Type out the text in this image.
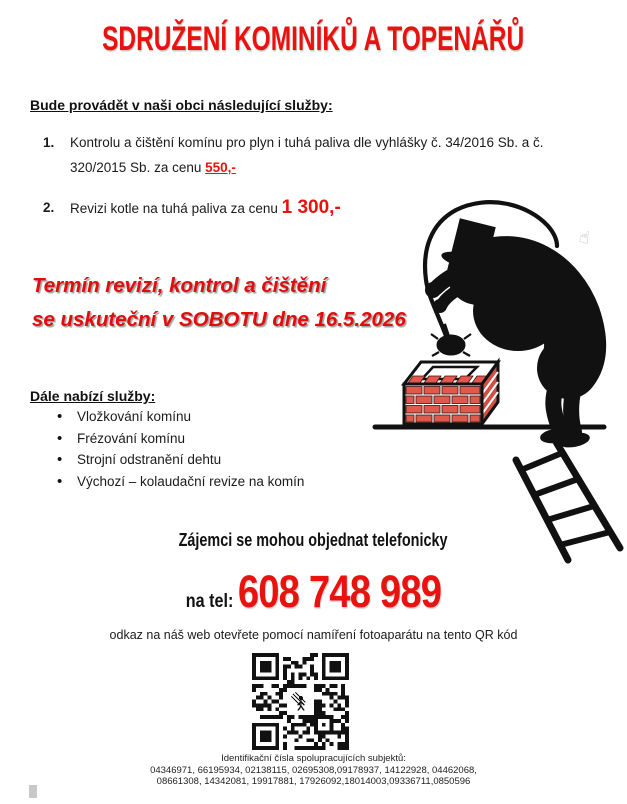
SDRUŽENÍ KOMINÍKŮ A TOPENÁŘŮ
Bude provádět v naši obci následující služby:
1.	Kontrolu a čištění komínu pro plyn i tuhá paliva dle vyhlášky č. 34/2016 Sb. a č. 320/2015 Sb. za cenu 550,-
2.	Revizi kotle na tuhá paliva za cenu 1 300,-
Termín revizí, kontrol a čištění
se uskuteční v SOBOTU dne 16.5.2026
Dále nabízí služby:
• Vložkování komínu
• Frézování komínu
• Strojní odstranění dehtu
• Výchozí – kolaudační revize na komín
☝
Zájemci se mohou objednat telefonicky
na tel: 608 748 989
odkaz na náš web otevřete pomocí namíření fotoaparátu na tento QR kód
Identifikační čísla spolupracujících subjektů:
04346971, 66195934, 02138115, 02695308,09178937, 14122928, 04462068,
08661308, 14342081, 19917881, 17926092,18014003,09336711,0850596
